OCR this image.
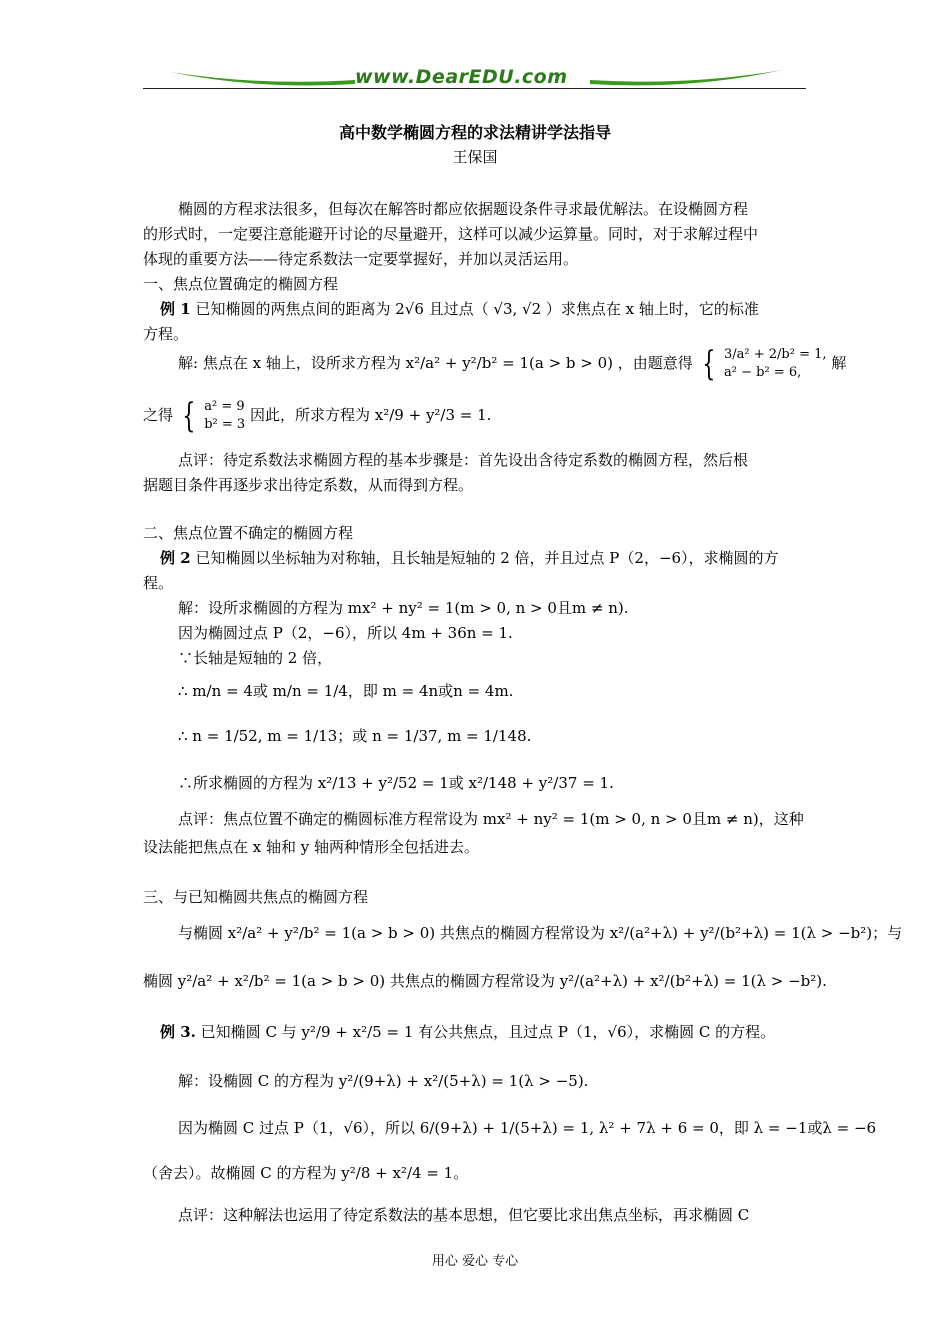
www.DearEDU.com
高中数学椭圆方程的求法精讲学法指导
王保国
椭圆的方程求法很多，但每次在解答时都应依据题设条件寻求最优解法。在设椭圆方程
的形式时，一定要注意能避开讨论的尽量避开，这样可以减少运算量。同时，对于求解过程中
体现的重要方法——待定系数法一定要掌握好，并加以灵活运用。
一、焦点位置确定的椭圆方程
例 1 已知椭圆的两焦点间的距离为 2√6 且过点（ √3, √2 ）求焦点在 x 轴上时，它的标准
方程。
解: 焦点在 x 轴上，设所求方程为 x²/a² + y²/b² = 1(a > b > 0) ，由题意得 { 3/a² + 2/b² = 1,
a² − b² = 6,
解
之得 { a² = 9
b² = 3
因此，所求方程为 x²/9 + y²/3 = 1.
点评：待定系数法求椭圆方程的基本步骤是：首先设出含待定系数的椭圆方程，然后根
据题目条件再逐步求出待定系数，从而得到方程。
二、焦点位置不确定的椭圆方程
例 2 已知椭圆以坐标轴为对称轴，且长轴是短轴的 2 倍，并且过点 P（2，−6），求椭圆的方
程。
解：设所求椭圆的方程为 mx² + ny² = 1(m > 0, n > 0且m ≠ n).
因为椭圆过点 P（2，−6），所以 4m + 36n = 1.
∵长轴是短轴的 2 倍，
∴ m/n = 4或 m/n = 1/4，即 m = 4n或n = 4m.
∴ n = 1/52, m = 1/13；或 n = 1/37, m = 1/148.
∴所求椭圆的方程为 x²/13 + y²/52 = 1或 x²/148 + y²/37 = 1.
点评：焦点位置不确定的椭圆标准方程常设为 mx² + ny² = 1(m > 0, n > 0且m ≠ n)，这种
设法能把焦点在 x 轴和 y 轴两种情形全包括进去。
三、与已知椭圆共焦点的椭圆方程
与椭圆 x²/a² + y²/b² = 1(a > b > 0) 共焦点的椭圆方程常设为 x²/(a²+λ) + y²/(b²+λ) = 1(λ > −b²)；与
椭圆 y²/a² + x²/b² = 1(a > b > 0) 共焦点的椭圆方程常设为 y²/(a²+λ) + x²/(b²+λ) = 1(λ > −b²).
例 3. 已知椭圆 C 与 y²/9 + x²/5 = 1 有公共焦点，且过点 P（1，√6），求椭圆 C 的方程。
解：设椭圆 C 的方程为 y²/(9+λ) + x²/(5+λ) = 1(λ > −5).
因为椭圆 C 过点 P（1，√6），所以 6/(9+λ) + 1/(5+λ) = 1, λ² + 7λ + 6 = 0，即 λ = −1或λ = −6
（舍去）。故椭圆 C 的方程为 y²/8 + x²/4 = 1。
点评：这种解法也运用了待定系数法的基本思想，但它要比求出焦点坐标，再求椭圆 C
用心 爱心 专心
